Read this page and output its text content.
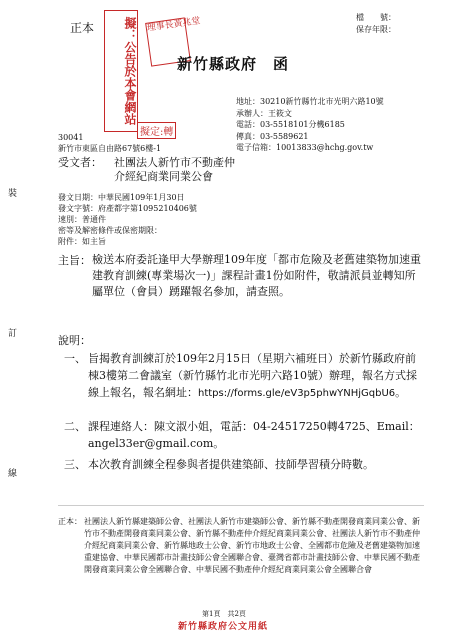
正本	擬：公告於本會網站 理事長黃兆堂
擬定:轉
新竹縣政府　函
檔　　號：
保存年限：
地址：30210新竹縣竹北市光明六路10號
承辦人：王筱文
電話：03-5518101分機6185
傳真：03-5589621
電子信箱：10013833@hchg.gov.tw
30041
新竹市東區自由路67號6樓-1
受文者： 社團法人新竹市不動產仲
介經紀商業同業公會
發文日期：中華民國109年1月30日
發文字號：府產都字第1095210406號
速別：普通件
密等及解密條件或保密期限：
附件：如主旨
裝
訂
線
主旨： 檢送本府委託逢甲大學辦理109年度「都市危險及老舊建築物加速重建教育訓練(專業場次一)」課程計畫1份如附件，敬請派員並轉知所屬單位（會員）踴躍報名參加，請查照。
說明：
一、 旨揭教育訓練訂於109年2月15日（星期六補班日）於新竹縣政府前棟3樓第二會議室（新竹縣竹北市光明六路10號）辦理，報名方式採線上報名，報名網址：https://forms.gle/eV3p5phwYNHjGqbU6。
二、 課程連絡人：陳文淑小姐，電話：04-24517250轉4725、Email：angel33er@gmail.com。
三、 本次教育訓練全程參與者提供建築師、技師學習積分時數。
正本： 社團法人新竹縣建築師公會、社團法人新竹市建築師公會、新竹縣不動產開發商業同業公會、新竹市不動產開發商業同業公會、新竹縣不動產仲介經紀商業同業公會、社團法人新竹市不動產仲介經紀商業同業公會、新竹縣地政士公會、新竹市地政士公會、全國都市危險及老舊建築物加速重建協會、中華民國都市計畫技師公會全國聯合會、臺灣省都市計畫技師公會、中華民國不動產開發商業同業公會全國聯合會、中華民國不動產仲介經紀商業同業公會全國聯合會
第1頁　共2頁
新竹縣政府公文用紙
